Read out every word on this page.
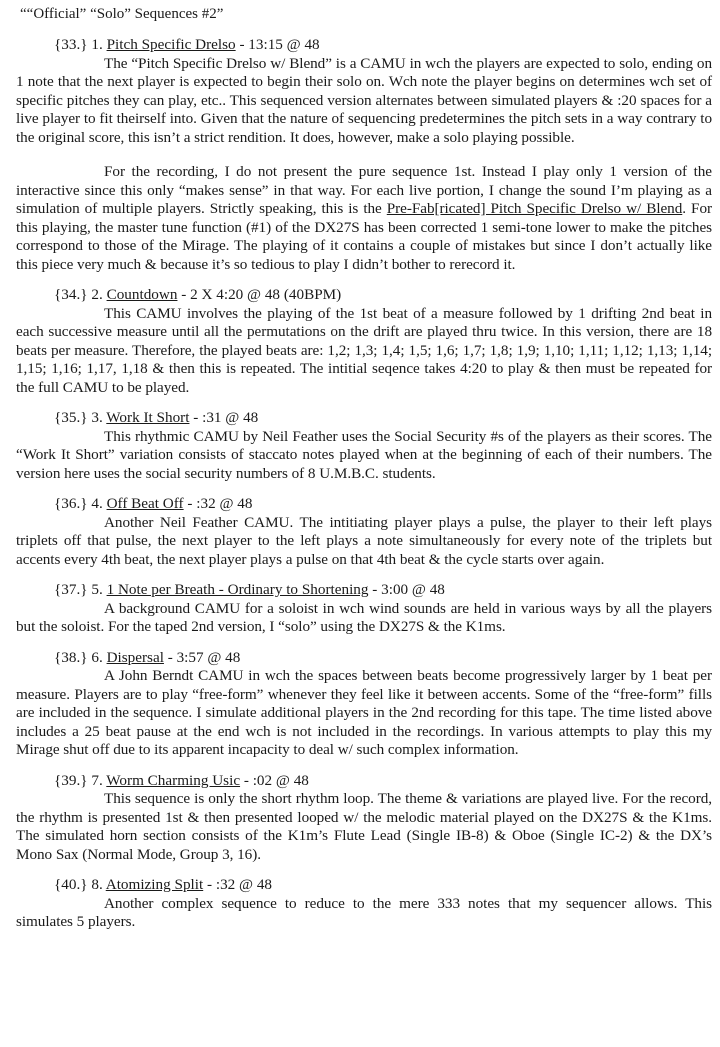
““Official” “Solo” Sequences #2”
{33.} 1. Pitch Specific Drelso - 13:15 @ 48

The “Pitch Specific Drelso w/ Blend” is a CAMU in wch the players are expected to solo, ending on 1 note that the next player is expected to begin their solo on. Wch note the player begins on determines wch set of specific pitches they can play, etc.. This sequenced version alternates between simulated players & :20 spaces for a live player to fit theirself into. Given that the nature of sequencing predetermines the pitch sets in a way contrary to the original score, this isn’t a strict rendition. It does, however, make a solo playing possible.

For the recording, I do not present the pure sequence 1st. Instead I play only 1 version of the interactive since this only “makes sense” in that way. For each live portion, I change the sound I’m playing as a simulation of multiple players. Strictly speaking, this is the Pre-Fab[ricated] Pitch Specific Drelso w/ Blend. For this playing, the master tune function (#1) of the DX27S has been corrected 1 semi-tone lower to make the pitches correspond to those of the Mirage. The playing of it contains a couple of mistakes but since I don’t actually like this piece very much & because it’s so tedious to play I didn’t bother to rerecord it.

{34.} 2. Countdown - 2 X 4:20 @ 48 (40BPM)

This CAMU involves the playing of the 1st beat of a measure followed by 1 drifting 2nd beat in each successive measure until all the permutations on the drift are played thru twice. In this version, there are 18 beats per measure. Therefore, the played beats are: 1,2; 1,3; 1,4; 1,5; 1,6; 1,7; 1,8; 1,9; 1,10; 1,11; 1,12; 1,13; 1,14; 1,15; 1,16; 1,17, 1,18 & then this is repeated. The intitial seqence takes 4:20 to play & then must be repeated for the full CAMU to be played.

{35.} 3. Work It Short - :31 @ 48

This rhythmic CAMU by Neil Feather uses the Social Security #s of the players as their scores. The “Work It Short” variation consists of staccato notes played when at the beginning of each of their numbers. The version here uses the social security numbers of 8 U.M.B.C. students.

{36.} 4. Off Beat Off - :32 @ 48

Another Neil Feather CAMU. The intitiating player plays a pulse, the player to their left plays triplets off that pulse, the next player to the left plays a note simultaneously for every note of the triplets but accents every 4th beat, the next player plays a pulse on that 4th beat & the cycle starts over again.

{37.} 5. 1 Note per Breath - Ordinary to Shortening - 3:00 @ 48

A background CAMU for a soloist in wch wind sounds are held in various ways by all the players but the soloist. For the taped 2nd version, I “solo” using the DX27S & the K1ms.

{38.} 6. Dispersal - 3:57 @ 48

A John Berndt CAMU in wch the spaces between beats become progressively larger by 1 beat per measure. Players are to play “free-form” whenever they feel like it between accents. Some of the “free-form” fills are included in the sequence. I simulate additional players in the 2nd recording for this tape. The time listed above includes a 25 beat pause at the end wch is not included in the recordings. In various attempts to play this my Mirage shut off due to its apparent incapacity to deal w/ such complex information.

{39.} 7. Worm Charming Usic - :02 @ 48

This sequence is only the short rhythm loop. The theme & variations are played live. For the record, the rhythm is presented 1st & then presented looped w/ the melodic material played on the DX27S & the K1ms. The simulated horn section consists of the K1m’s Flute Lead (Single IB-8) & Oboe (Single IC-2) & the DX’s Mono Sax (Normal Mode, Group 3, 16).

{40.} 8. Atomizing Split - :32 @ 48

Another complex sequence to reduce to the mere 333 notes that my sequencer allows. This simulates 5 players.
